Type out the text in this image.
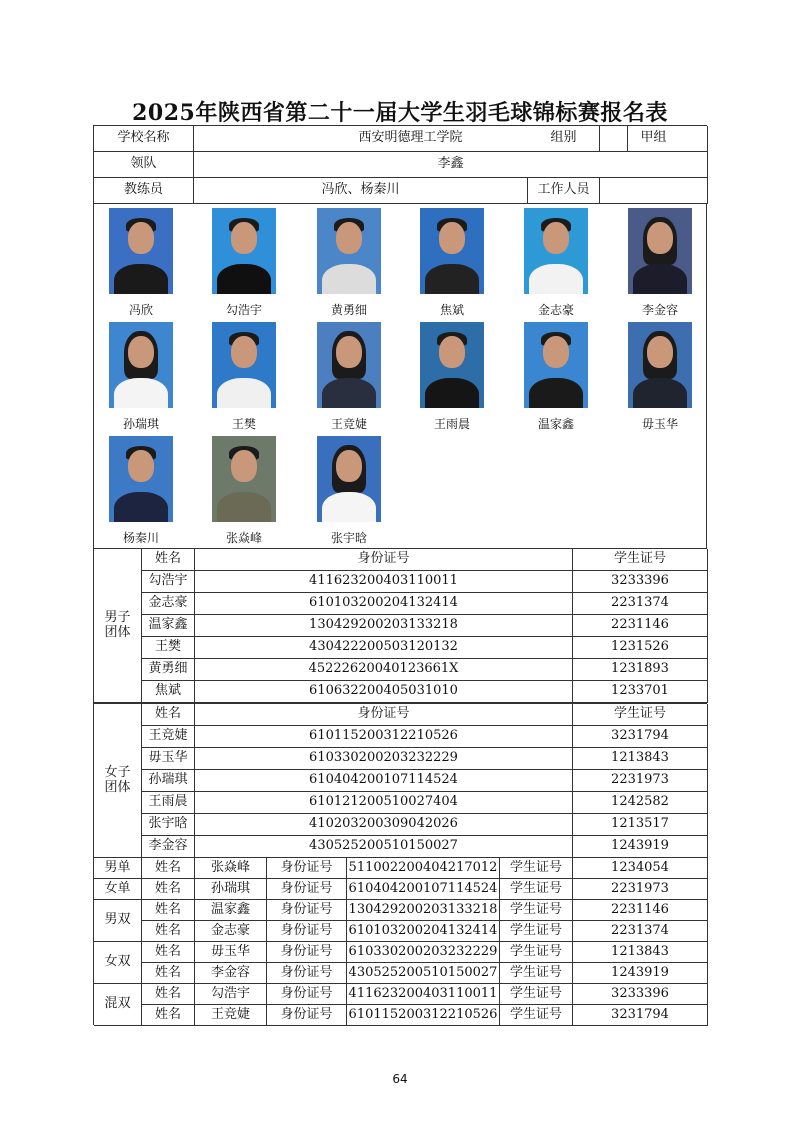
2025年陕西省第二十一届大学生羽毛球锦标赛报名表
学校名称	西安明德理工学院	组别	甲组
领队	李鑫
教练员	冯欣、杨秦川	工作人员
冯欣	勾浩宇	黄勇细	焦斌	金志豪	李金容
孙瑞琪	王樊	王竞婕	王雨晨	温家鑫	毋玉华
杨秦川	张焱峰	张宇晗
男子团体
姓名	身份证号	学生证号
勾浩宇	411623200403110011	3233396
金志豪	610103200204132414	2231374
温家鑫	130429200203133218	2231146
王樊	430422200503120132	1231526
黄勇细	45222620040123661X	1231893
焦斌	610632200405031010	1233701
女子团体
姓名	身份证号	学生证号
王竞婕	610115200312210526	3231794
毋玉华	610330200203232229	1213843
孙瑞琪	610404200107114524	2231973
王雨晨	610121200510027404	1242582
张宇晗	410203200309042026	1213517
李金容	430525200510150027	1243919
男单	姓名	张焱峰	身份证号	511002200404217012 学生证号	1234054
女单	姓名	孙瑞琪	身份证号	610404200107114524 学生证号	2231973
男双
姓名	温家鑫	身份证号	130429200203133218 学生证号	2231146
姓名	金志豪	身份证号	610103200204132414 学生证号	2231374
女双
姓名	毋玉华	身份证号	610330200203232229 学生证号	1213843
姓名	李金容	身份证号	430525200510150027 学生证号	1243919
混双
姓名	勾浩宇	身份证号	411623200403110011 学生证号	3233396
姓名	王竞婕	身份证号	610115200312210526 学生证号	3231794
64
